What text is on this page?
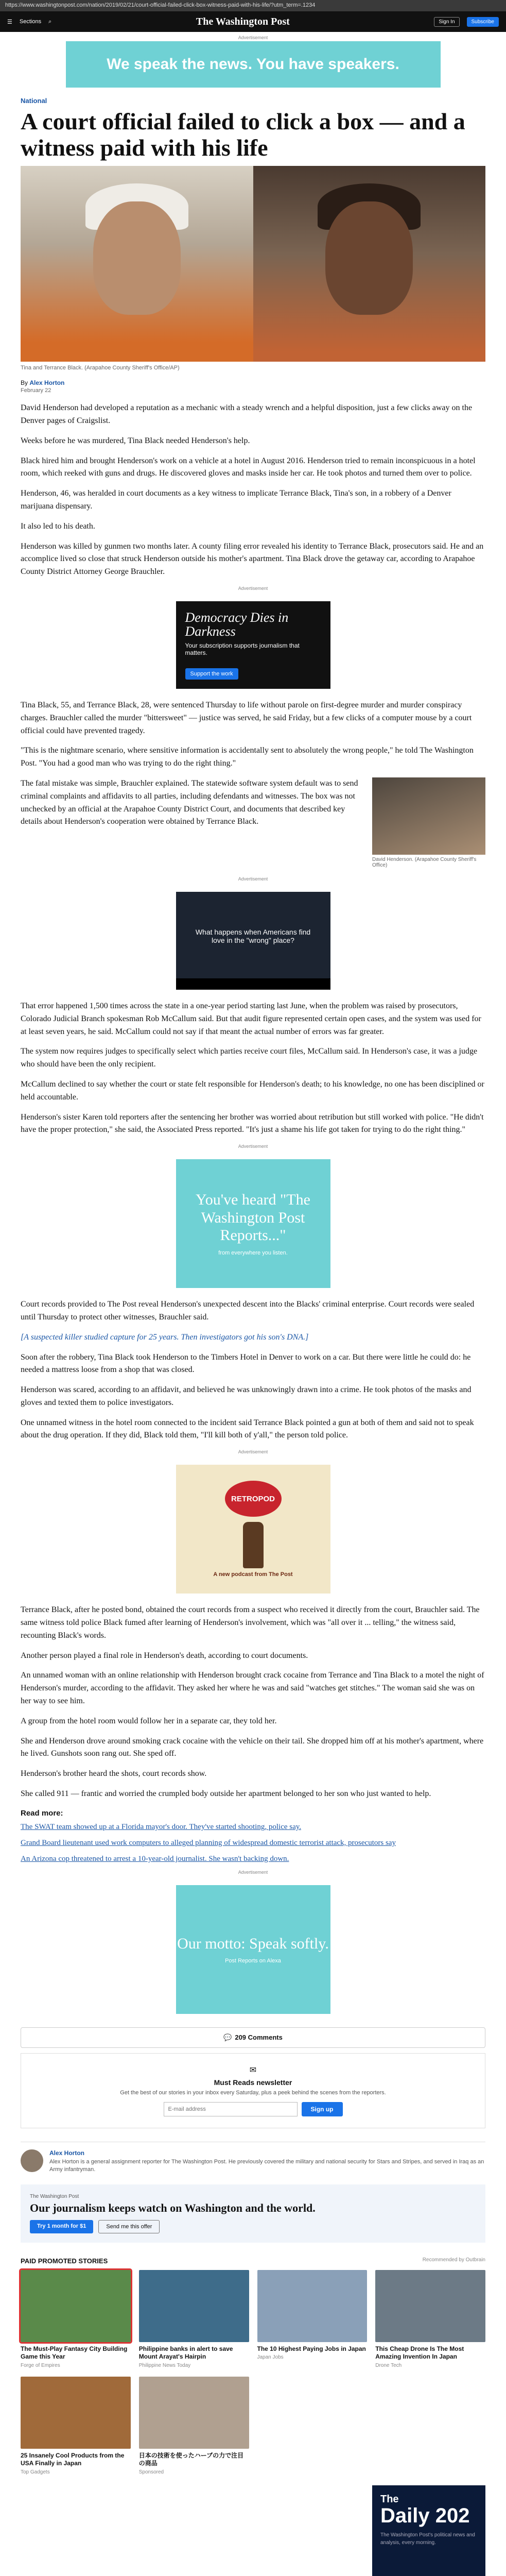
https://www.washingtonpost.com/nation/2019/02/21/court-official-failed-click-box-witness-paid-with-his-life/?utm_term=.1234
☰ Sections ⌕	The Washington Post	Sign In	Subscribe
Advertisement
We speak the news. You have speakers.
National
A court official failed to click a box — and a witness paid with his life
Tina and Terrance Black. (Arapahoe County Sheriff's Office/AP)
By Alex Horton
February 22

David Henderson had developed a reputation as a mechanic with a steady wrench and a helpful disposition, just a few clicks away on the Denver pages of Craigslist.

Weeks before he was murdered, Tina Black needed Henderson's help.

Black hired him and brought Henderson's work on a vehicle at a hotel in August 2016. Henderson tried to remain inconspicuous in a hotel room, which reeked with guns and drugs. He discovered gloves and masks inside her car. He took photos and turned them over to police.

Henderson, 46, was heralded in court documents as a key witness to implicate Terrance Black, Tina's son, in a robbery of a Denver marijuana dispensary.

It also led to his death.

Henderson was killed by gunmen two months later. A county filing error revealed his identity to Terrance Black, prosecutors said. He and an accomplice lived so close that struck Henderson outside his mother's apartment. Tina Black drove the getaway car, according to Arapahoe County District Attorney George Brauchler.

Advertisement
Democracy Dies in Darkness
Your subscription supports journalism that matters.
Support the work

Tina Black, 55, and Terrance Black, 28, were sentenced Thursday to life without parole on first-degree murder and murder conspiracy charges. Brauchler called the murder "bittersweet" — justice was served, he said Friday, but a few clicks of a computer mouse by a court official could have prevented tragedy.

"This is the nightmare scenario, where sensitive information is accidentally sent to absolutely the wrong people," he told The Washington Post. "You had a good man who was trying to do the right thing."

David Henderson. (Arapahoe County Sheriff's Office)

The fatal mistake was simple, Brauchler explained. The statewide software system default was to send criminal complaints and affidavits to all parties, including defendants and witnesses. The box was not unchecked by an official at the Arapahoe County District Court, and documents that described key details about Henderson's cooperation were obtained by Terrance Black.

Advertisement
What happens when Americans find love in the "wrong" place?

That error happened 1,500 times across the state in a one-year period starting last June, when the problem was raised by prosecutors, Colorado Judicial Branch spokesman Rob McCallum said. But that audit figure represented certain open cases, and the system was used for at least seven years, he said. McCallum could not say if that meant the actual number of errors was far greater.

The system now requires judges to specifically select which parties receive court files, McCallum said. In Henderson's case, it was a judge who should have been the only recipient.

McCallum declined to say whether the court or state felt responsible for Henderson's death; to his knowledge, no one has been disciplined or held accountable.

Henderson's sister Karen told reporters after the sentencing her brother was worried about retribution but still worked with police. "He didn't have the proper protection," she said, the Associated Press reported. "It's just a shame his life got taken for trying to do the right thing."

Advertisement
You've heard "The Washington Post Reports..."
from everywhere you listen.

Court records provided to The Post reveal Henderson's unexpected descent into the Blacks' criminal enterprise. Court records were sealed until Thursday to protect other witnesses, Brauchler said.

[A suspected killer studied capture for 25 years. Then investigators got his son's DNA.]

Soon after the robbery, Tina Black took Henderson to the Timbers Hotel in Denver to work on a car. But there were little he could do: he needed a mattress loose from a shop that was closed.

Henderson was scared, according to an affidavit, and believed he was unknowingly drawn into a crime. He took photos of the masks and gloves and texted them to police investigators.

One unnamed witness in the hotel room connected to the incident said Terrance Black pointed a gun at both of them and said not to speak about the drug operation. If they did, Black told them, "I'll kill both of y'all," the person told police.

Advertisement
RETROPOD
A new podcast from The Post

Terrance Black, after he posted bond, obtained the court records from a suspect who received it directly from the court, Brauchler said. The same witness told police Black fumed after learning of Henderson's involvement, which was "all over it ... telling," the witness said, recounting Black's words.

Another person played a final role in Henderson's death, according to court documents.

An unnamed woman with an online relationship with Henderson brought crack cocaine from Terrance and Tina Black to a motel the night of Henderson's murder, according to the affidavit. They asked her where he was and said "watches get stitches." The woman said she was on her way to see him.

A group from the hotel room would follow her in a separate car, they told her.

She and Henderson drove around smoking crack cocaine with the vehicle on their tail. She dropped him off at his mother's apartment, where he lived. Gunshots soon rang out. She sped off.

Henderson's brother heard the shots, court records show.

She called 911 — frantic and worried the crumpled body outside her apartment belonged to her son who just wanted to help.

Read more:
The SWAT team showed up at a Florida mayor's door. They've started shooting, police say.
Grand Board lieutenant used work computers to alleged planning of widespread domestic terrorist attack, prosecutors say
An Arizona cop threatened to arrest a 10-year-old journalist. She wasn't backing down.
Advertisement
Our motto: Speak softly.
Post Reports on Alexa
💬 209 Comments
✉
Must Reads newsletter
Get the best of our stories in your inbox every Saturday, plus a peek behind the scenes from the reporters.
E-mail address
Sign up
Alex Horton
Alex Horton is a general assignment reporter for The Washington Post. He previously covered the military and national security for Stars and Stripes, and served in Iraq as an Army infantryman.
The Washington Post
Our journalism keeps watch on Washington and the world.
Try 1 month for $1	Send me this offer
PAID PROMOTED STORIES	Recommended by Outbrain
The Must-Play Fantasy City Building Game this Year
Forge of Empires
Philippine banks in alert to save Mount Arayat's Hairpin
Philippine News Today
The 10 Highest Paying Jobs in Japan
Japan Jobs
This Cheap Drone Is The Most Amazing Invention In Japan
Drone Tech
25 Insanely Cool Products from the USA Finally in Japan
Top Gadgets
日本の技術を使ったハーブの力で注目の商品
Sponsored
The
Daily 202
The Washington Post's political news and analysis, every morning.
